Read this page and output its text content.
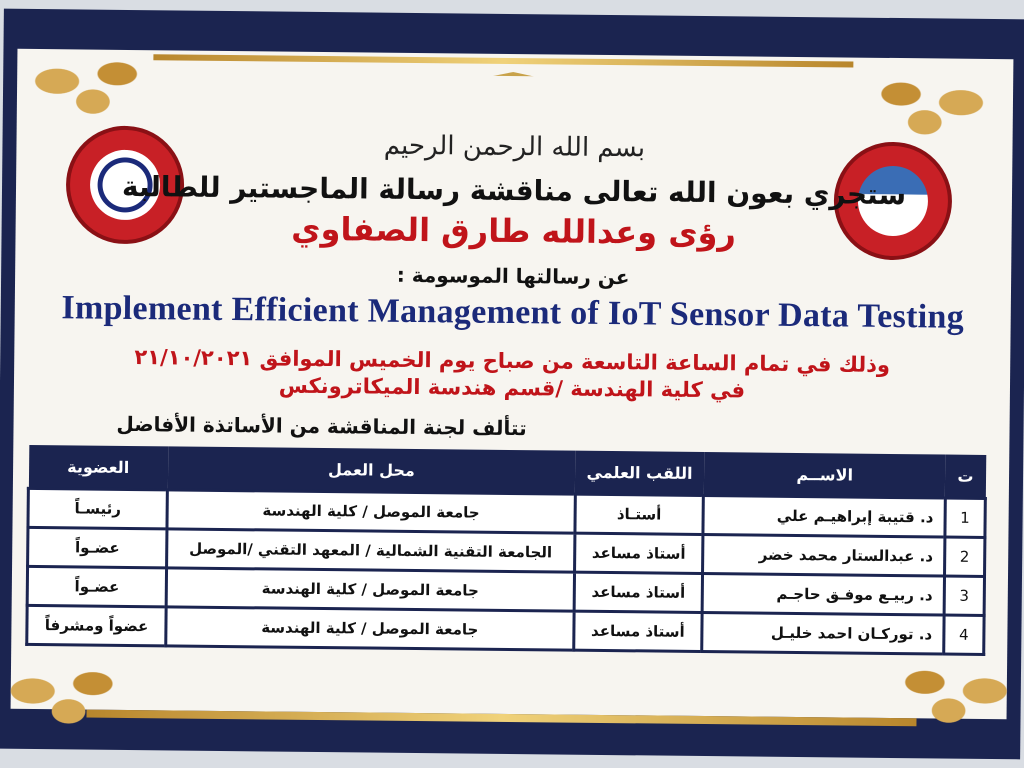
بسم الله الرحمن الرحيم
ستجري بعون الله تعالى مناقشة رسالة الماجستير للطالبة
رؤى وعدالله طارق الصفاوي
عن رسالتها الموسومة :
Implement Efficient Management of IoT Sensor Data Testing
وذلك في تمام الساعة التاسعة من صباح يوم الخميس الموافق ٢١/١٠/٢٠٢١
في كلية الهندسة /قسم هندسة الميكاترونكس
تتألف لجنة المناقشة من الأساتذة الأفاضل
ت	الاســم	اللقب العلمي	محل العمل	العضوية
1	د. قتيبة إبراهيـم علي	أستـاذ	جامعة الموصل / كلية الهندسة	رئيسـاً
2	د. عبدالستار محمد خضر	أستاذ مساعد	الجامعة التقنية الشمالية / المعهد التقني /الموصل	عضـواً
3	د. ربيـع موفـق حاجـم	أستاذ مساعد	جامعة الموصل / كلية الهندسة	عضـواً
4	د. توركـان احمد خليـل	أستاذ مساعد	جامعة الموصل / كلية الهندسة	عضواً ومشرفاً
